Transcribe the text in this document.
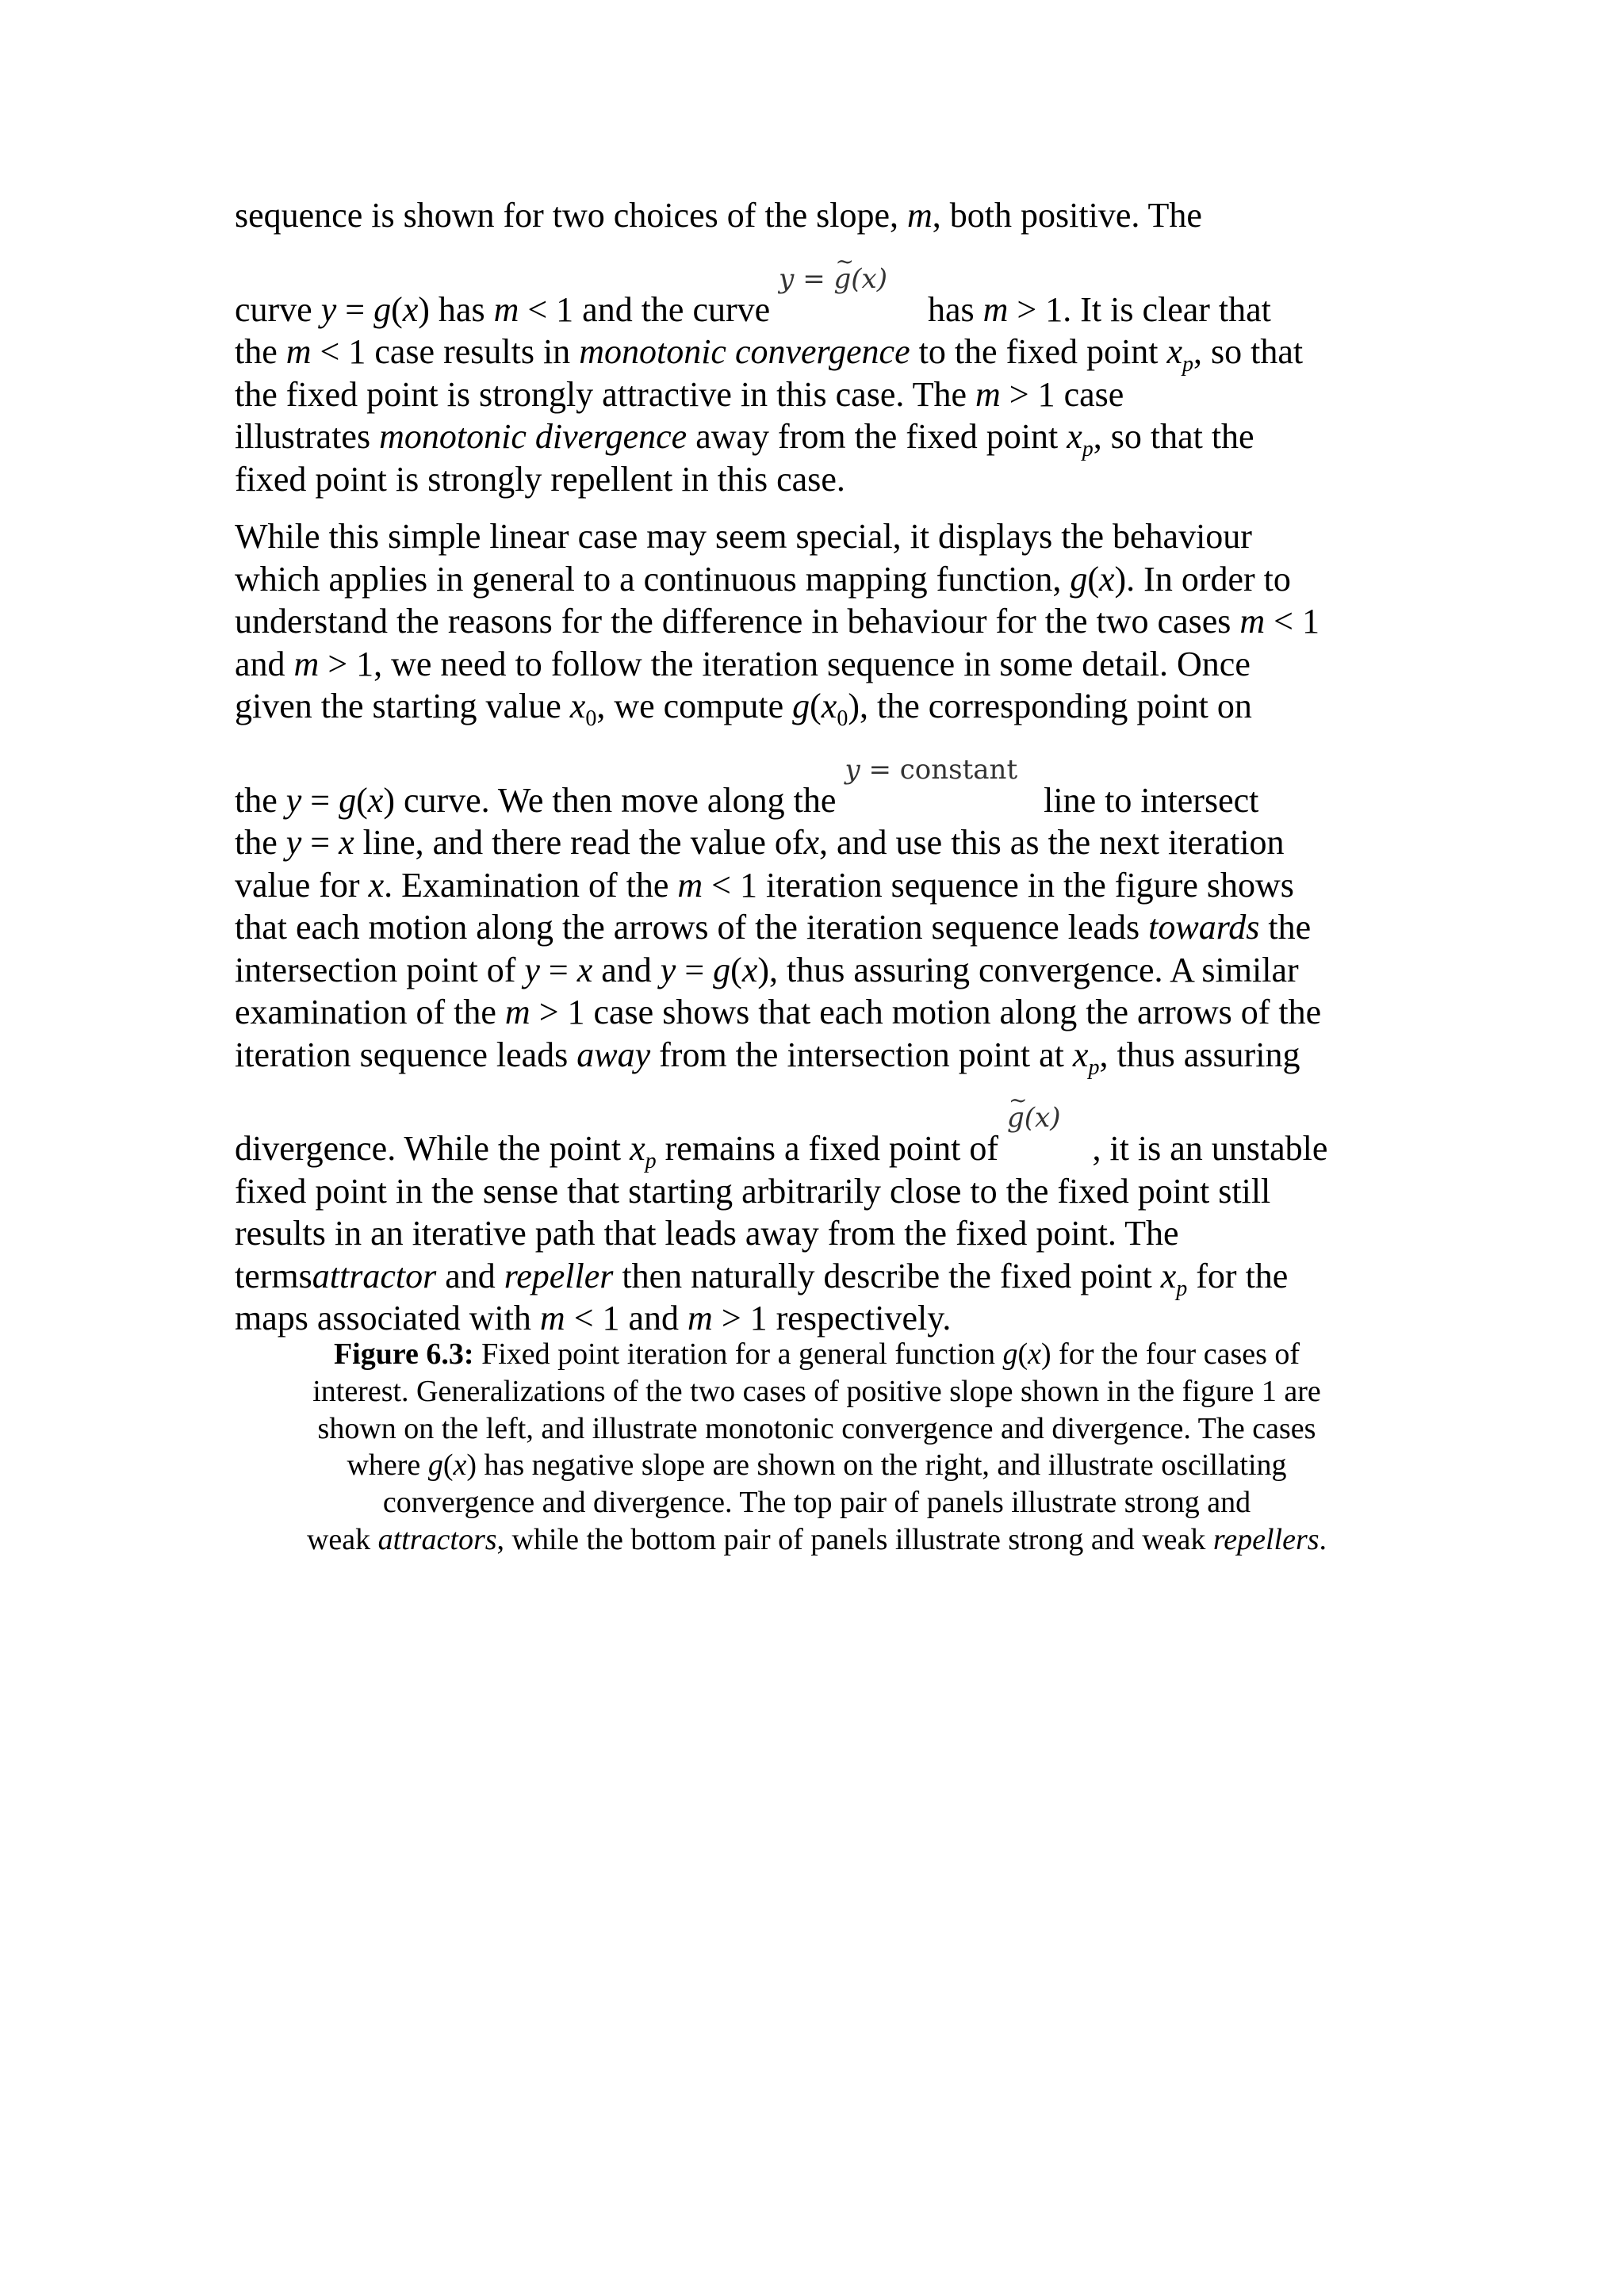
sequence is shown for two choices of the slope, m, both positive. The
curve y = g(x) has m < 1 and the curve y = g ~(x) has m > 1. It is clear that
the m < 1 case results in monotonic convergence to the fixed point $x_p$, so that
the fixed point is strongly attractive in this case. The m > 1 case
illustrates monotonic divergence away from the fixed point $x_p$, so that the
fixed point is strongly repellent in this case.

While this simple linear case may seem special, it displays the behaviour
which applies in general to a continuous mapping function, g(x). In order to
understand the reasons for the difference in behaviour for the two cases m < 1
and m > 1, we need to follow the iteration sequence in some detail. Once
given the starting value $x_0$, we compute $g(x_0)$, the corresponding point on
the y = g(x) curve. We then move along the y = constant line to intersect
the y = x line, and there read the value ofx, and use this as the next iteration
value for x. Examination of the m < 1 iteration sequence in the figure shows
that each motion along the arrows of the iteration sequence leads towards the
intersection point of y = x and y = g(x), thus assuring convergence. A similar
examination of the m > 1 case shows that each motion along the arrows of the
iteration sequence leads away from the intersection point at $x_p$, thus assuring
divergence. While the point $x_p$ remains a fixed point of g ~(x), it is an unstable
fixed point in the sense that starting arbitrarily close to the fixed point still
results in an iterative path that leads away from the fixed point. The
termsattractor and repeller then naturally describe the fixed point $x_p$ for the
maps associated with m < 1 and m > 1 respectively.

Figure 6.3: Fixed point iteration for a general function g(x) for the four cases of
interest. Generalizations of the two cases of positive slope shown in the figure 1 are
shown on the left, and illustrate monotonic convergence and divergence. The cases
where g(x) has negative slope are shown on the right, and illustrate oscillating
convergence and divergence. The top pair of panels illustrate strong and
weak attractors, while the bottom pair of panels illustrate strong and weak repellers.
